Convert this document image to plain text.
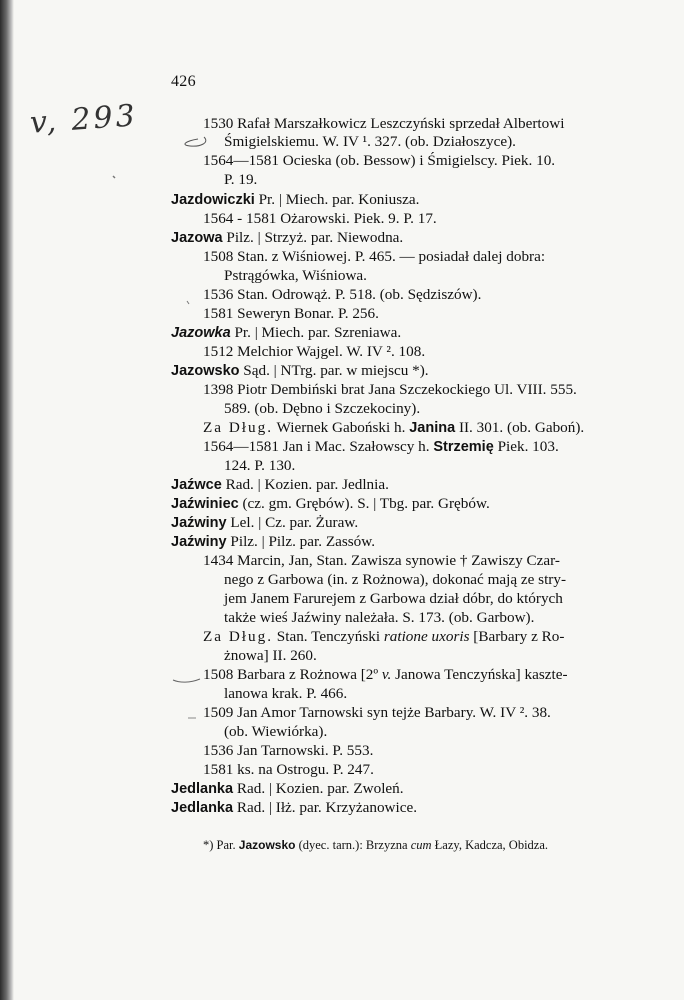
426
v, 293	1530 Rafał Marszałkowicz Leszczyński sprzedał Albertowi
Śmigielskiemu. W. IV ¹. 327. (ob. Działoszyce).
1564—1581 Ocieska (ob. Bessow) i Śmigielscy. Piek. 10.
P. 19.
Jazdowiczki Pr. | Miech. par. Koniusza.
1564 - 1581 Ożarowski. Piek. 9. P. 17.
Jazowa Pilz. | Strzyż. par. Niewodna.
1508 Stan. z Wiśniowej. P. 465. — posiadał dalej dobra:
Pstrągówka, Wiśniowa.
1536 Stan. Odrowąż. P. 518. (ob. Sędziszów).
1581 Seweryn Bonar. P. 256.
Jazowka Pr. | Miech. par. Szreniawa.
1512 Melchior Wajgel. W. IV ². 108.
Jazowsko Sąd. | NTrg. par. w miejscu *).
1398 Piotr Dembiński brat Jana Szczekockiego Ul. VIII. 555.
589. (ob. Dębno i Szczekociny).
Za Dług. Wiernek Gaboński h. Janina II. 301. (ob. Gaboń).
1564—1581 Jan i Mac. Szałowscy h. Strzemię Piek. 103.
124. P. 130.
Jaźwce Rad. | Kozien. par. Jedlnia.
Jaźwiniec (cz. gm. Grębów). S. | Tbg. par. Grębów.
Jaźwiny Lel. | Cz. par. Żuraw.
Jaźwiny Pilz. | Pilz. par. Zassów.
1434 Marcin, Jan, Stan. Zawisza synowie † Zawiszy Czar-
nego z Garbowa (in. z Rożnowa), dokonać mają ze stry-
jem Janem Farurejem z Garbowa dział dóbr, do których
także wieś Jaźwiny należała. S. 173. (ob. Garbow).
Za Dług. Stan. Tenczyński ratione uxoris [Barbary z Ro-
żnowa] II. 260.
1508 Barbara z Rożnowa [2º v. Janowa Tenczyńska] kaszte-
lanowa krak. P. 466.
1509 Jan Amor Tarnowski syn tejże Barbary. W. IV ². 38.
(ob. Wiewiórka).
1536 Jan Tarnowski. P. 553.
1581 ks. na Ostrogu. P. 247.
Jedlanka Rad. | Kozien. par. Zwoleń.
Jedlanka Rad. | Iłż. par. Krzyżanowice.
*) Par. Jazowsko (dyec. tarn.): Brzyzna cum Łazy, Kadcza, Obidza.
